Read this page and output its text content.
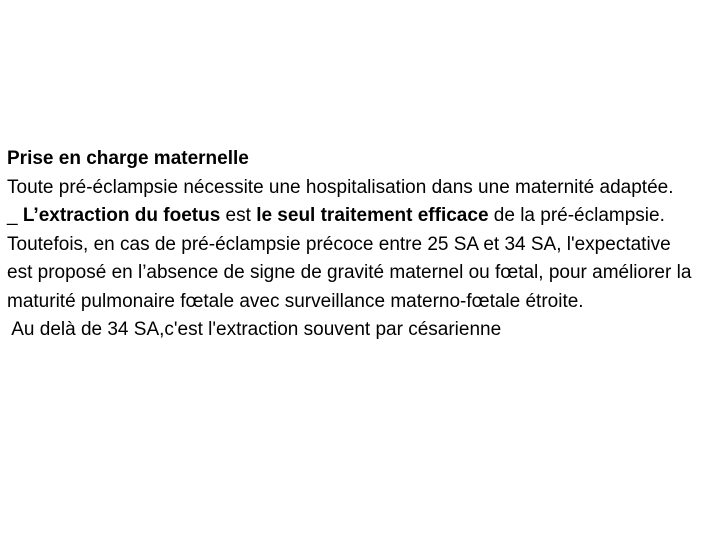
Prise en charge maternelle

Toute pré-éclampsie nécessite une hospitalisation dans une maternité adaptée.

_ L’extraction du foetus est le seul traitement efficace de la pré-éclampsie.

Toutefois, en cas de pré-éclampsie précoce entre 25 SA et 34 SA, l'expectative est proposé en l’absence de signe de gravité maternel ou fœtal, pour améliorer la maturité pulmonaire fœtale avec surveillance materno-fœtale étroite.

Au delà de 34 SA,c'est l'extraction souvent par césarienne
